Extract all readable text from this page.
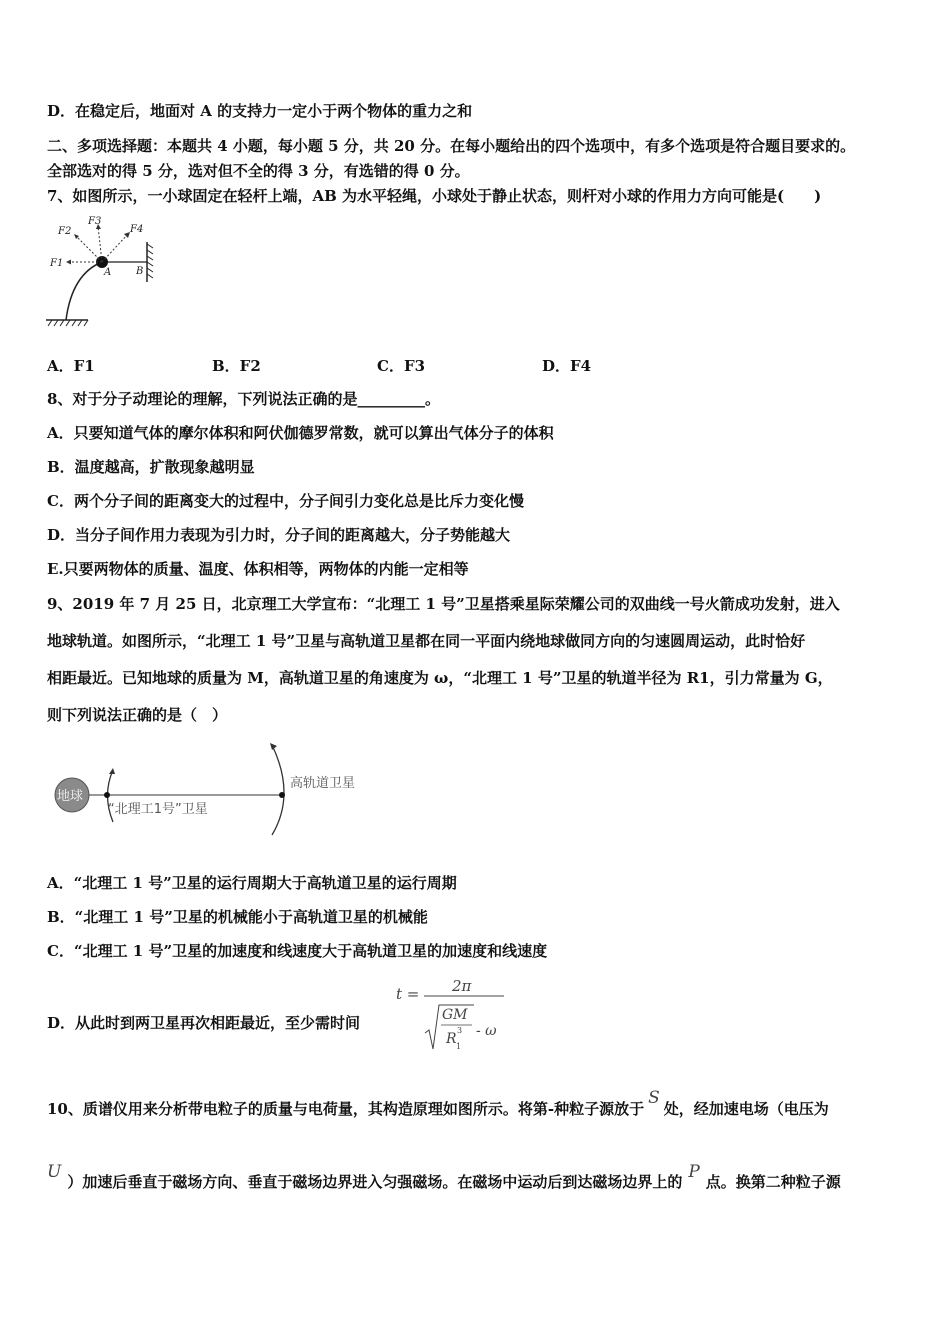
D．在稳定后，地面对 A 的支持力一定小于两个物体的重力之和
二、多项选择题：本题共 4 小题，每小题 5 分，共 20 分。在每小题给出的四个选项中，有多个选项是符合题目要求的。
全部选对的得 5 分，选对但不全的得 3 分，有选错的得 0 分。
7、如图所示，一小球固定在轻杆上端，AB 为水平轻绳，小球处于静止状态，则杆对小球的作用力方向可能是(　　)
F1
F2
F3
F4
A B
A．F1	B．F2	C．F3	D．F4
8、对于分子动理论的理解，下列说法正确的是_________。
A．只要知道气体的摩尔体积和阿伏伽德罗常数，就可以算出气体分子的体积
B．温度越高，扩散现象越明显
C．两个分子间的距离变大的过程中，分子间引力变化总是比斥力变化慢
D．当分子间作用力表现为引力时，分子间的距离越大，分子势能越大
E.只要两物体的质量、温度、体积相等，两物体的内能一定相等
9、2019 年 7 月 25 日，北京理工大学宣布：“北理工 1 号”卫星搭乘星际荣耀公司的双曲线一号火箭成功发射，进入
地球轨道。如图所示，“北理工 1 号”卫星与高轨道卫星都在同一平面内绕地球做同方向的匀速圆周运动，此时恰好
相距最近。已知地球的质量为 M，高轨道卫星的角速度为 ω，“北理工 1 号”卫星的轨道半径为 R1，引力常量为 G，
则下列说法正确的是（　）
地球
“北理工1号”卫星
高轨道卫星
A．“北理工 1 号”卫星的运行周期大于高轨道卫星的运行周期
B．“北理工 1 号”卫星的机械能小于高轨道卫星的机械能
C．“北理工 1 号”卫星的加速度和线速度大于高轨道卫星的加速度和线速度
D．从此时到两卫星再次相距最近，至少需时间
t = 2π
GM
R 1
3 - ω
10、质谱仪用来分析带电粒子的质量与电荷量，其构造原理如图所示。将第-种粒子源放于S处，经加速电场（电压为
U ）加速后垂直于磁场方向、垂直于磁场边界进入匀强磁场。在磁场中运动后到达磁场边界上的 P 点。换第二种粒子源
